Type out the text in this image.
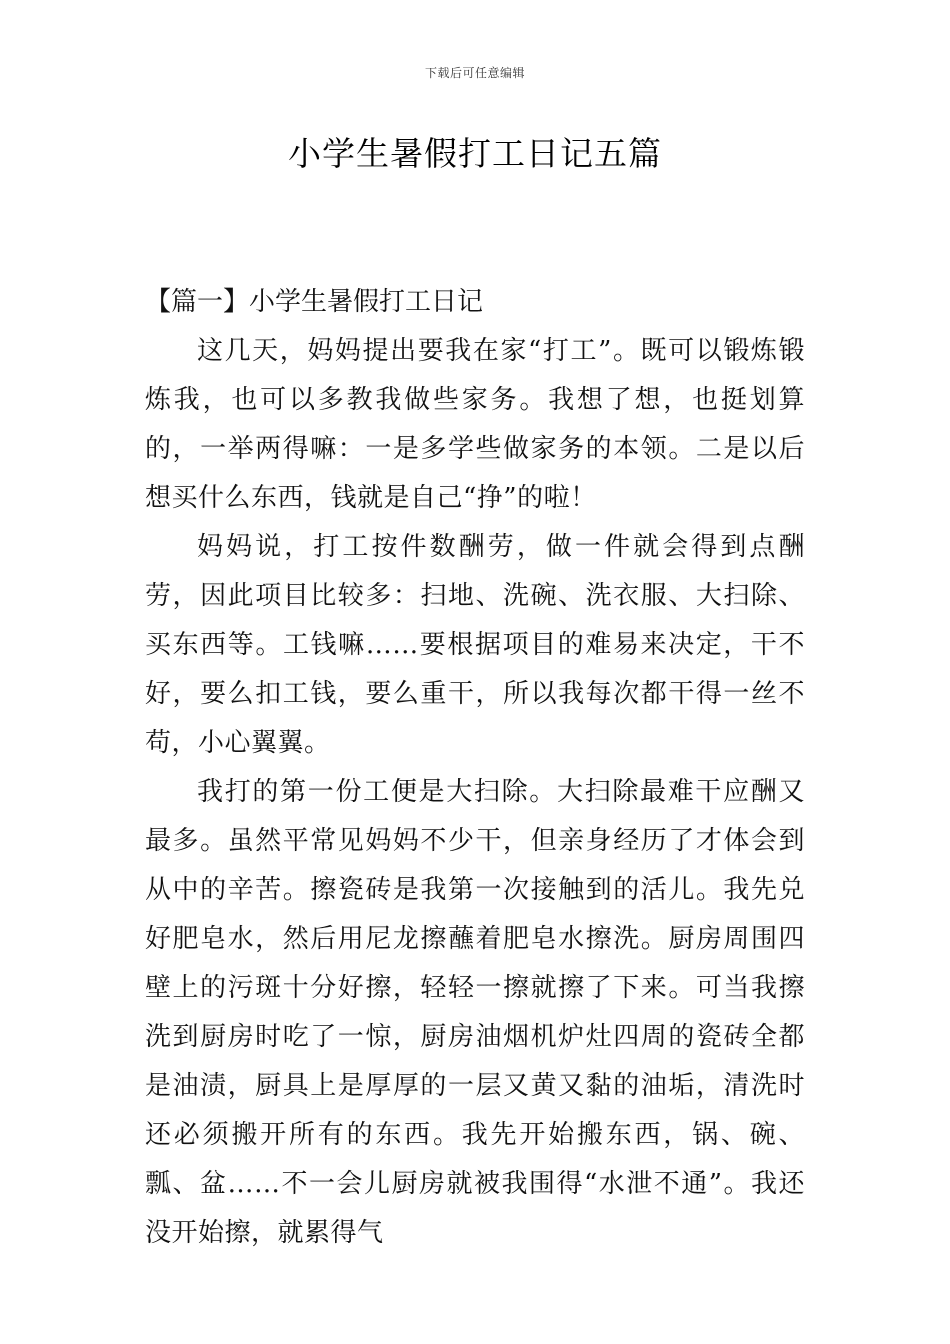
下载后可任意编辑
小学生暑假打工日记五篇
【篇一】小学生暑假打工日记

这几天，妈妈提出要我在家“打工”。既可以锻炼锻炼我，也可以多教我做些家务。我想了想，也挺划算的，一举两得嘛：一是多学些做家务的本领。二是以后想买什么东西，钱就是自己“挣”的啦！

妈妈说，打工按件数酬劳，做一件就会得到点酬劳，因此项目比较多：扫地、洗碗、洗衣服、大扫除、买东西等。工钱嘛……要根据项目的难易来决定，干不好，要么扣工钱，要么重干，所以我每次都干得一丝不苟，小心翼翼。

我打的第一份工便是大扫除。大扫除最难干应酬又最多。虽然平常见妈妈不少干，但亲身经历了才体会到从中的辛苦。擦瓷砖是我第一次接触到的活儿。我先兑好肥皂水，然后用尼龙擦蘸着肥皂水擦洗。厨房周围四壁上的污斑十分好擦，轻轻一擦就擦了下来。可当我擦洗到厨房时吃了一惊，厨房油烟机炉灶四周的瓷砖全都是油渍，厨具上是厚厚的一层又黄又黏的油垢，清洗时还必须搬开所有的东西。我先开始搬东西，锅、碗、瓢、盆……不一会儿厨房就被我围得“水泄不通”。我还没开始擦，就累得气
